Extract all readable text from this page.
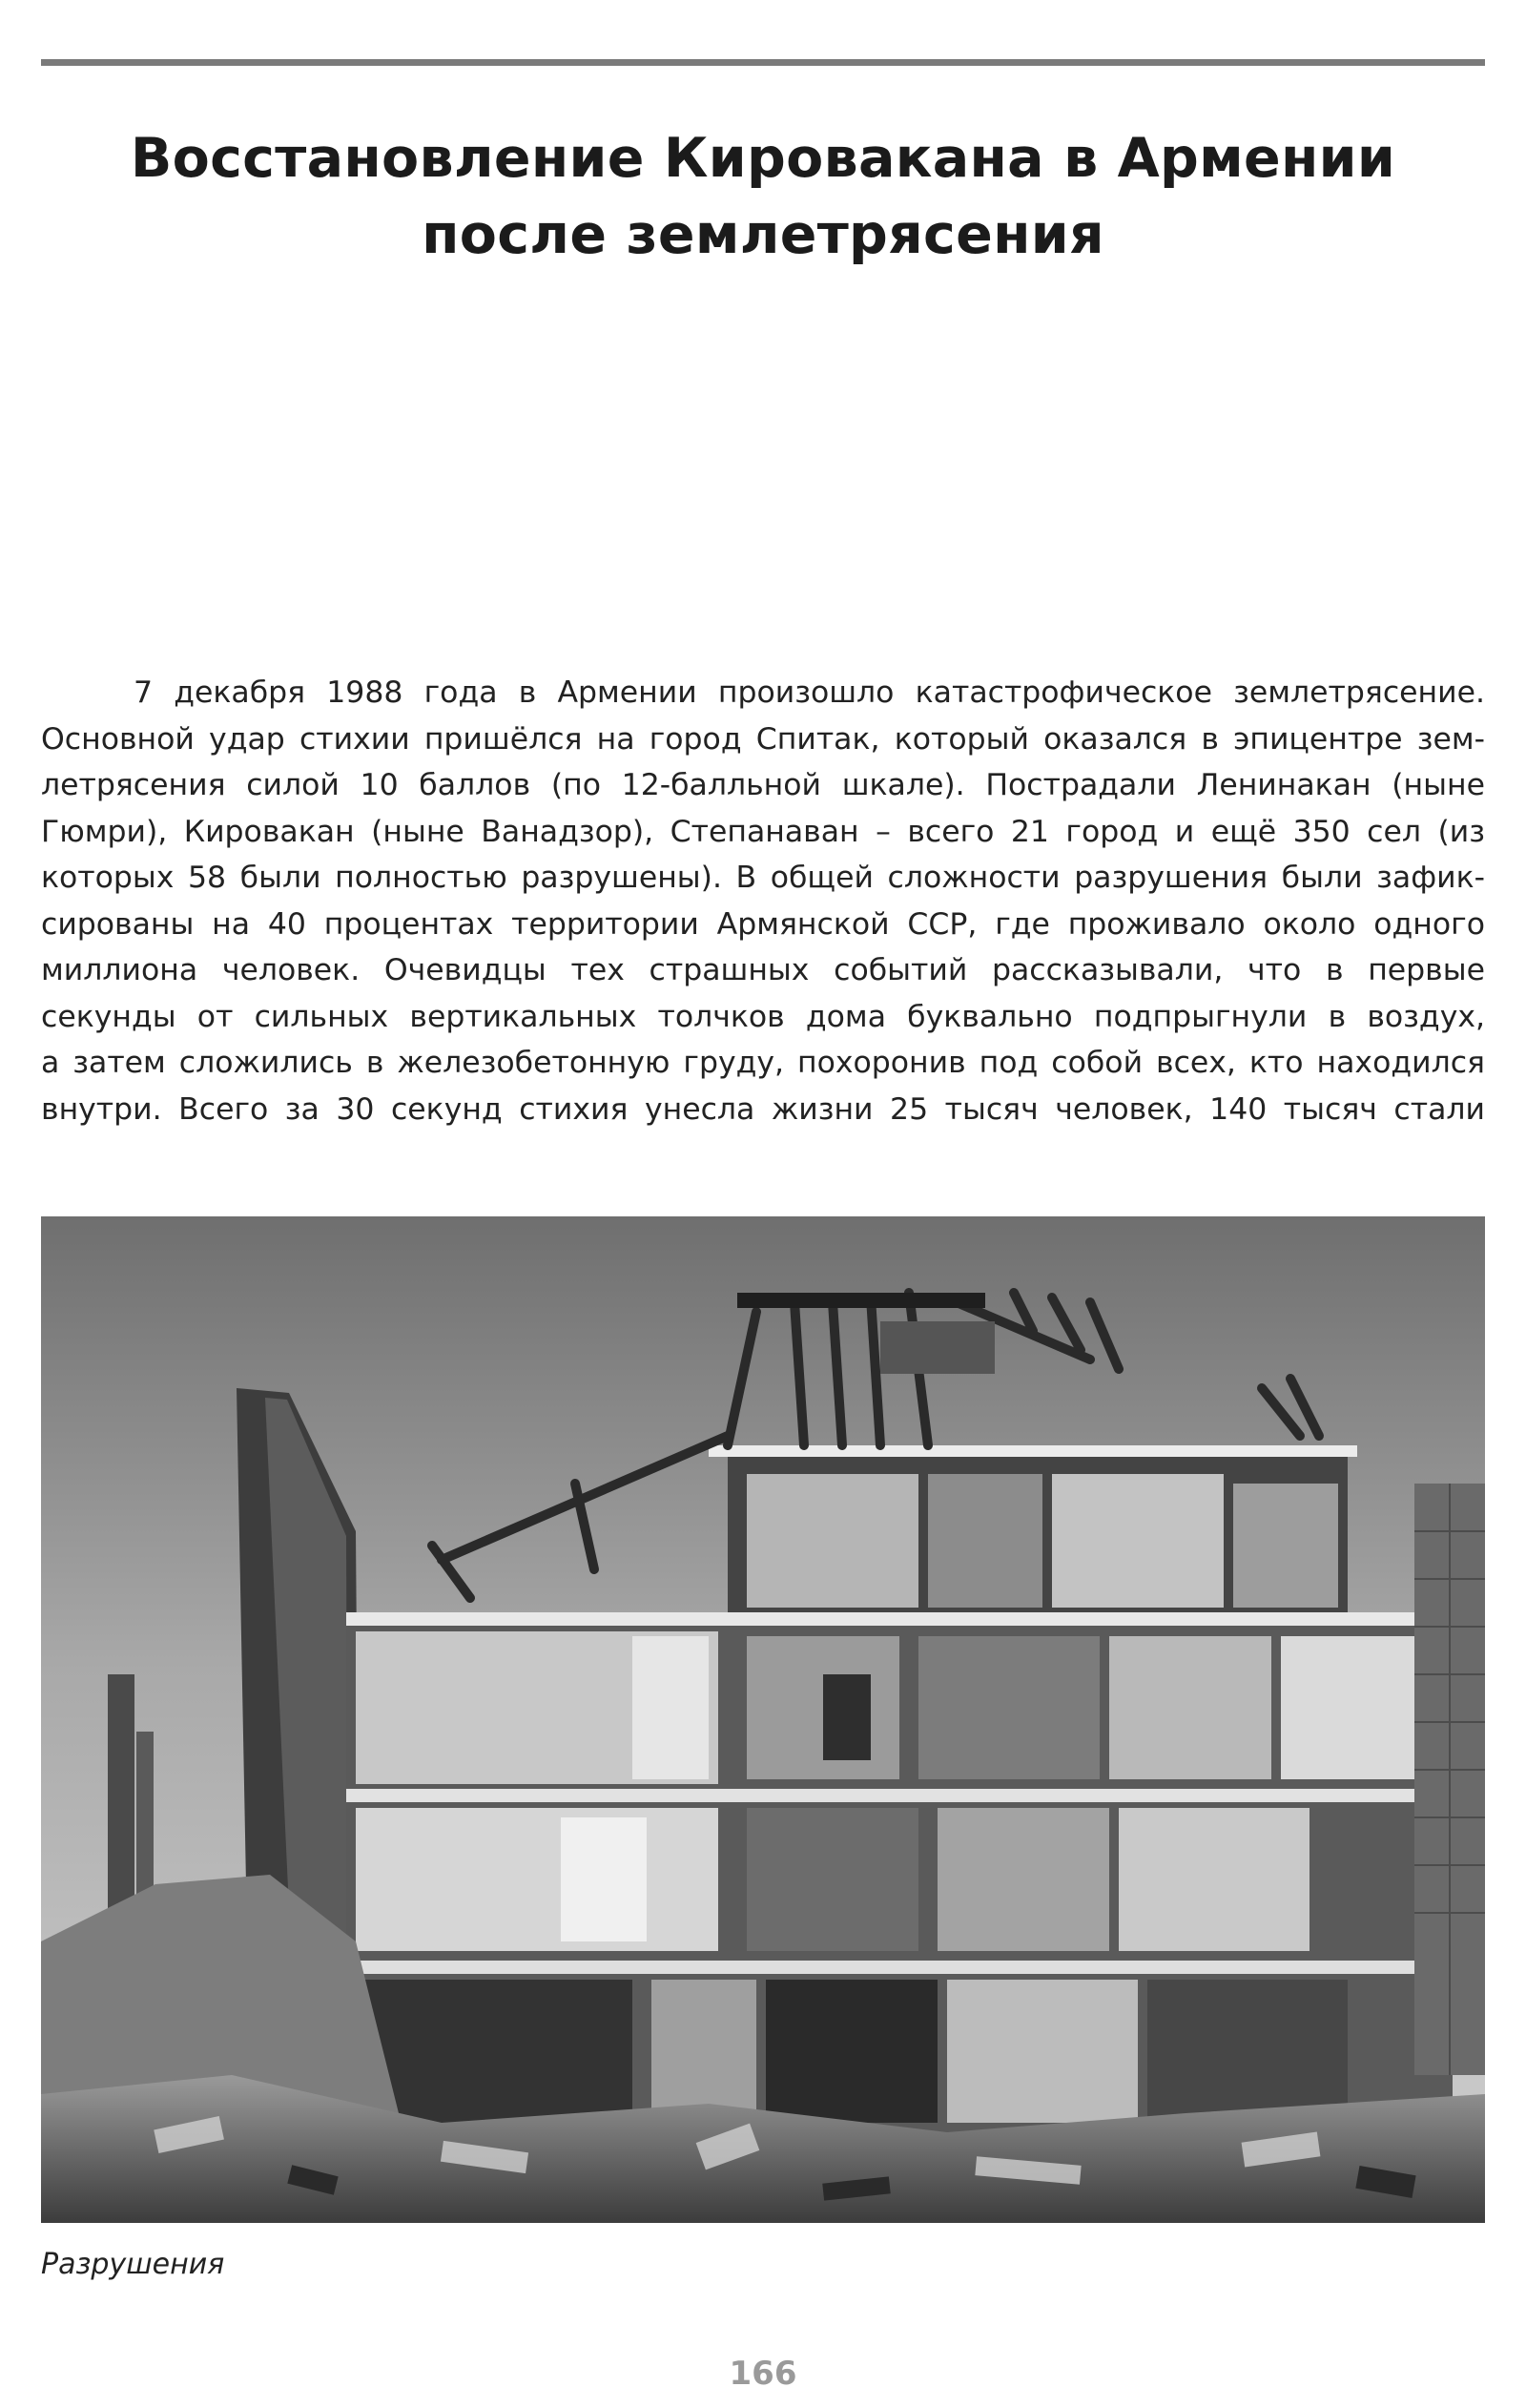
Восстановление Кировакана в Армении
после землетрясения
7 декабря 1988 года в Армении произошло катастрофическое землетрясение.
Основной удар стихии пришёлся на город Спитак, который оказался в эпицентре зем-
летрясения силой 10 баллов (по 12-балльной шкале). Пострадали Ленинакан (ныне
Гюмри), Кировакан (ныне Ванадзор), Степанаван – всего 21 город и ещё 350 сел (из
которых 58 были полностью разрушены). В общей сложности разрушения были зафик-
сированы на 40 процентах территории Армянской ССР, где проживало около одного
миллиона человек. Очевидцы тех страшных событий рассказывали, что в первые
секунды от сильных вертикальных толчков дома буквально подпрыгнули в воздух,
а затем сложились в железобетонную груду, похоронив под собой всех, кто находился
внутри. Всего за 30 секунд стихия унесла жизни 25 тысяч человек, 140 тысяч стали

Разрушения

166
